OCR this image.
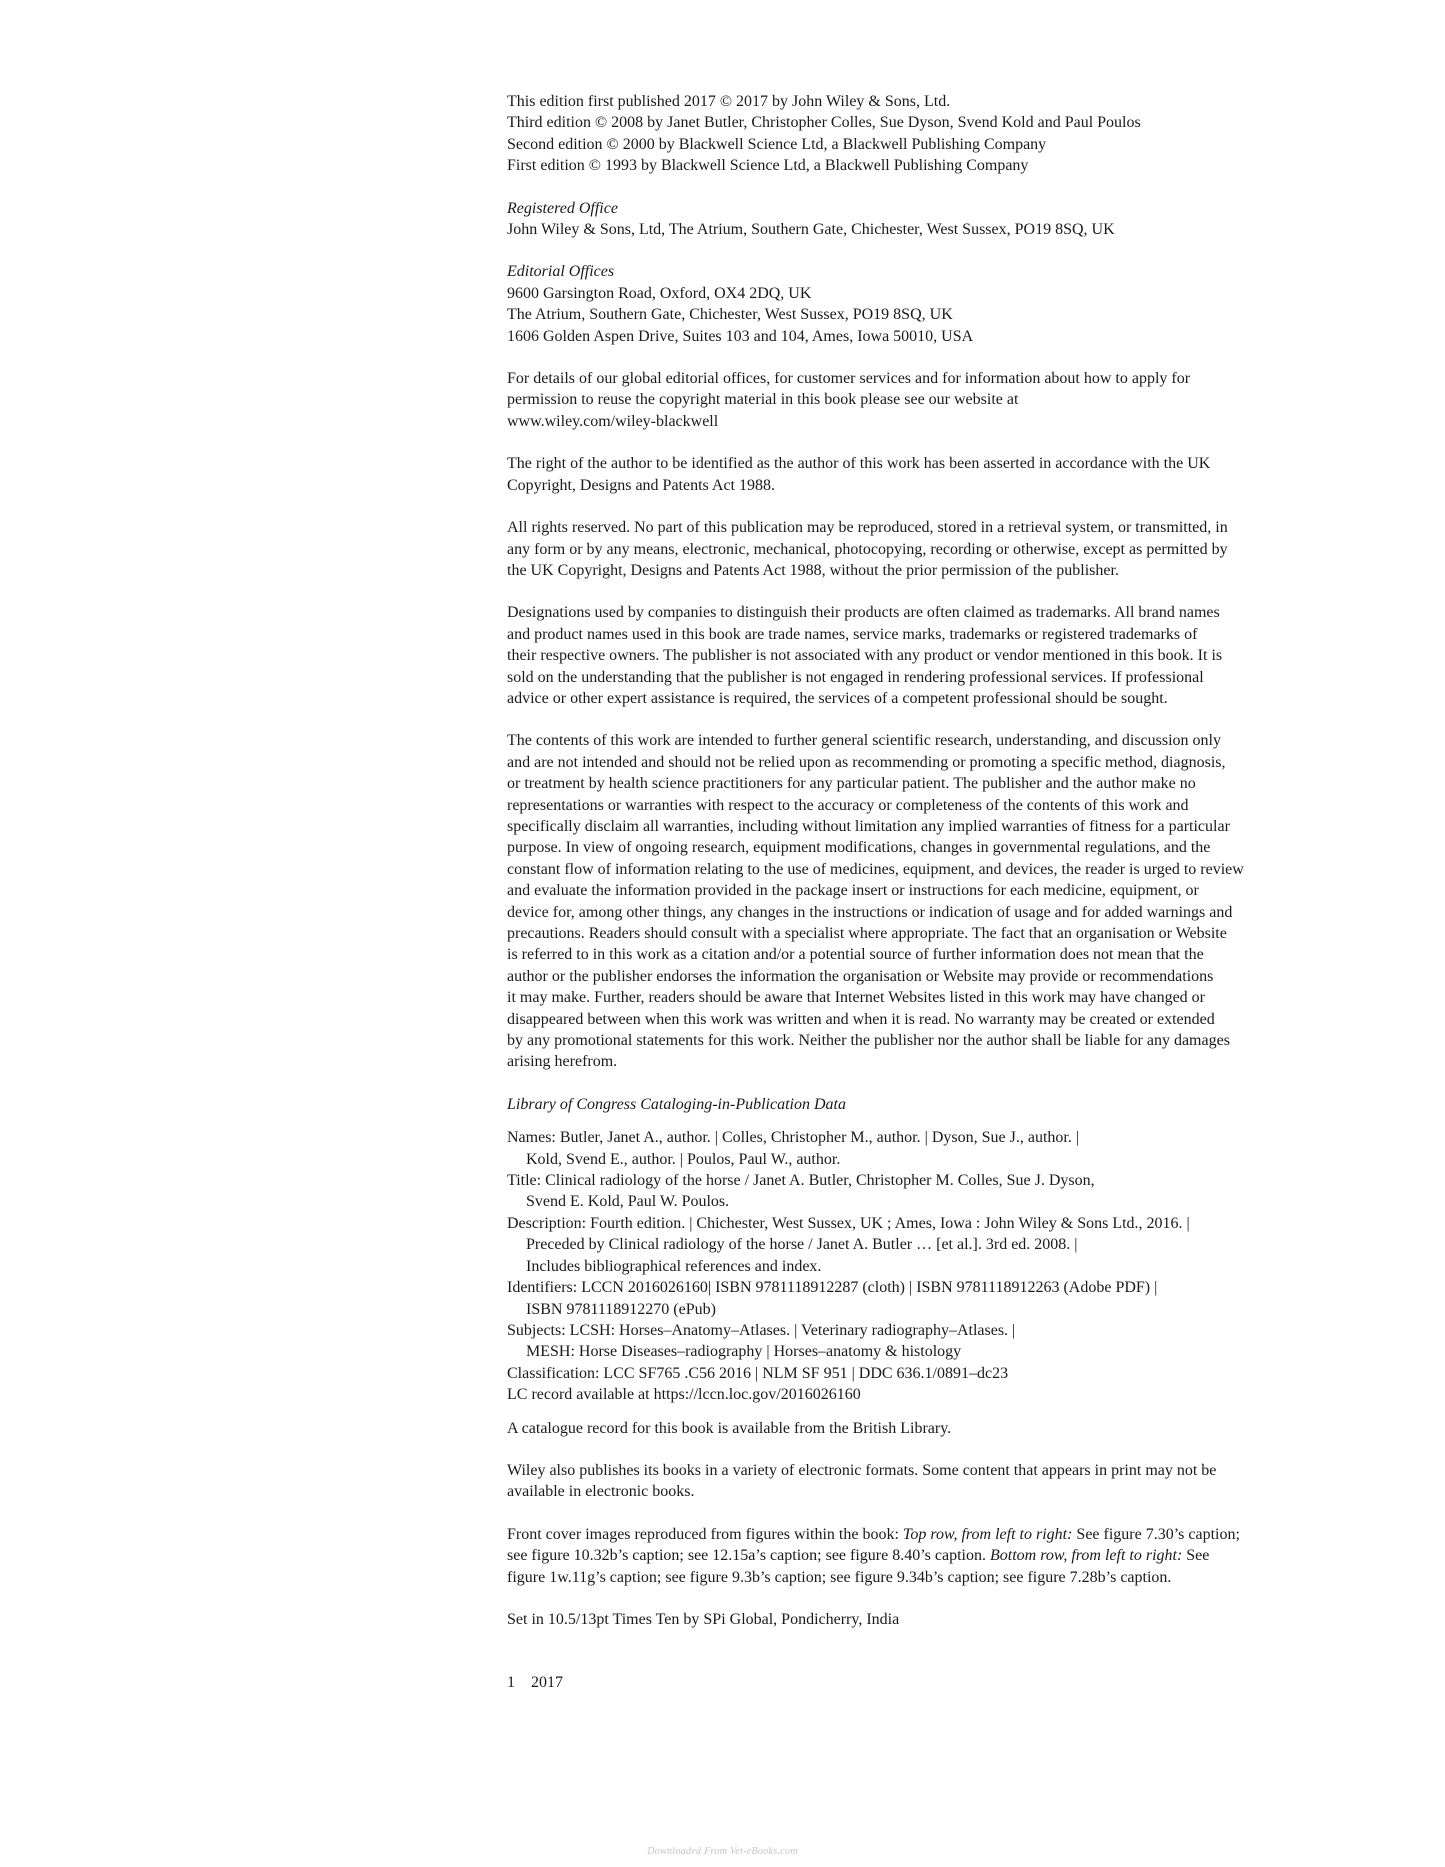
This edition first published 2017 © 2017 by John Wiley & Sons, Ltd.
Third edition © 2008 by Janet Butler, Christopher Colles, Sue Dyson, Svend Kold and Paul Poulos
Second edition © 2000 by Blackwell Science Ltd, a Blackwell Publishing Company
First edition © 1993 by Blackwell Science Ltd, a Blackwell Publishing Company

Registered Office
John Wiley & Sons, Ltd, The Atrium, Southern Gate, Chichester, West Sussex, PO19 8SQ, UK

Editorial Offices
9600 Garsington Road, Oxford, OX4 2DQ, UK
The Atrium, Southern Gate, Chichester, West Sussex, PO19 8SQ, UK
1606 Golden Aspen Drive, Suites 103 and 104, Ames, Iowa 50010, USA

For details of our global editorial offices, for customer services and for information about how to apply for
permission to reuse the copyright material in this book please see our website at
www.wiley.com/wiley-blackwell

The right of the author to be identified as the author of this work has been asserted in accordance with the UK
Copyright, Designs and Patents Act 1988.

All rights reserved. No part of this publication may be reproduced, stored in a retrieval system, or transmitted, in
any form or by any means, electronic, mechanical, photocopying, recording or otherwise, except as permitted by
the UK Copyright, Designs and Patents Act 1988, without the prior permission of the publisher.

Designations used by companies to distinguish their products are often claimed as trademarks. All brand names
and product names used in this book are trade names, service marks, trademarks or registered trademarks of
their respective owners. The publisher is not associated with any product or vendor mentioned in this book. It is
sold on the understanding that the publisher is not engaged in rendering professional services. If professional
advice or other expert assistance is required, the services of a competent professional should be sought.

The contents of this work are intended to further general scientific research, understanding, and discussion only
and are not intended and should not be relied upon as recommending or promoting a specific method, diagnosis,
or treatment by health science practitioners for any particular patient. The publisher and the author make no
representations or warranties with respect to the accuracy or completeness of the contents of this work and
specifically disclaim all warranties, including without limitation any implied warranties of fitness for a particular
purpose. In view of ongoing research, equipment modifications, changes in governmental regulations, and the
constant flow of information relating to the use of medicines, equipment, and devices, the reader is urged to review
and evaluate the information provided in the package insert or instructions for each medicine, equipment, or
device for, among other things, any changes in the instructions or indication of usage and for added warnings and
precautions. Readers should consult with a specialist where appropriate. The fact that an organisation or Website
is referred to in this work as a citation and/or a potential source of further information does not mean that the
author or the publisher endorses the information the organisation or Website may provide or recommendations
it may make. Further, readers should be aware that Internet Websites listed in this work may have changed or
disappeared between when this work was written and when it is read. No warranty may be created or extended
by any promotional statements for this work. Neither the publisher nor the author shall be liable for any damages
arising herefrom.

Library of Congress Cataloging-in-Publication Data
Names: Butler, Janet A., author. | Colles, Christopher M., author. | Dyson, Sue J., author. |
Kold, Svend E., author. | Poulos, Paul W., author.
Title: Clinical radiology of the horse / Janet A. Butler, Christopher M. Colles, Sue J. Dyson,
Svend E. Kold, Paul W. Poulos.
Description: Fourth edition. | Chichester, West Sussex, UK ; Ames, Iowa : John Wiley & Sons Ltd., 2016. |
Preceded by Clinical radiology of the horse / Janet A. Butler … [et al.]. 3rd ed. 2008. |
Includes bibliographical references and index.
Identifiers: LCCN 2016026160| ISBN 9781118912287 (cloth) | ISBN 9781118912263 (Adobe PDF) |
ISBN 9781118912270 (ePub)
Subjects: LCSH: Horses–Anatomy–Atlases. | Veterinary radiography–Atlases. |
MESH: Horse Diseases–radiography | Horses–anatomy & histology
Classification: LCC SF765 .C56 2016 | NLM SF 951 | DDC 636.1/0891–dc23
LC record available at https://lccn.loc.gov/2016026160

A catalogue record for this book is available from the British Library.

Wiley also publishes its books in a variety of electronic formats. Some content that appears in print may not be
available in electronic books.

Front cover images reproduced from figures within the book: Top row, from left to right: See figure 7.30’s caption;
see figure 10.32b’s caption; see 12.15a’s caption; see figure 8.40’s caption. Bottom row, from left to right: See
figure 1w.11g’s caption; see figure 9.3b’s caption; see figure 9.34b’s caption; see figure 7.28b’s caption.

Set in 10.5/13pt Times Ten by SPi Global, Pondicherry, India

1 2017
Downloaded From Vet-eBooks.com
